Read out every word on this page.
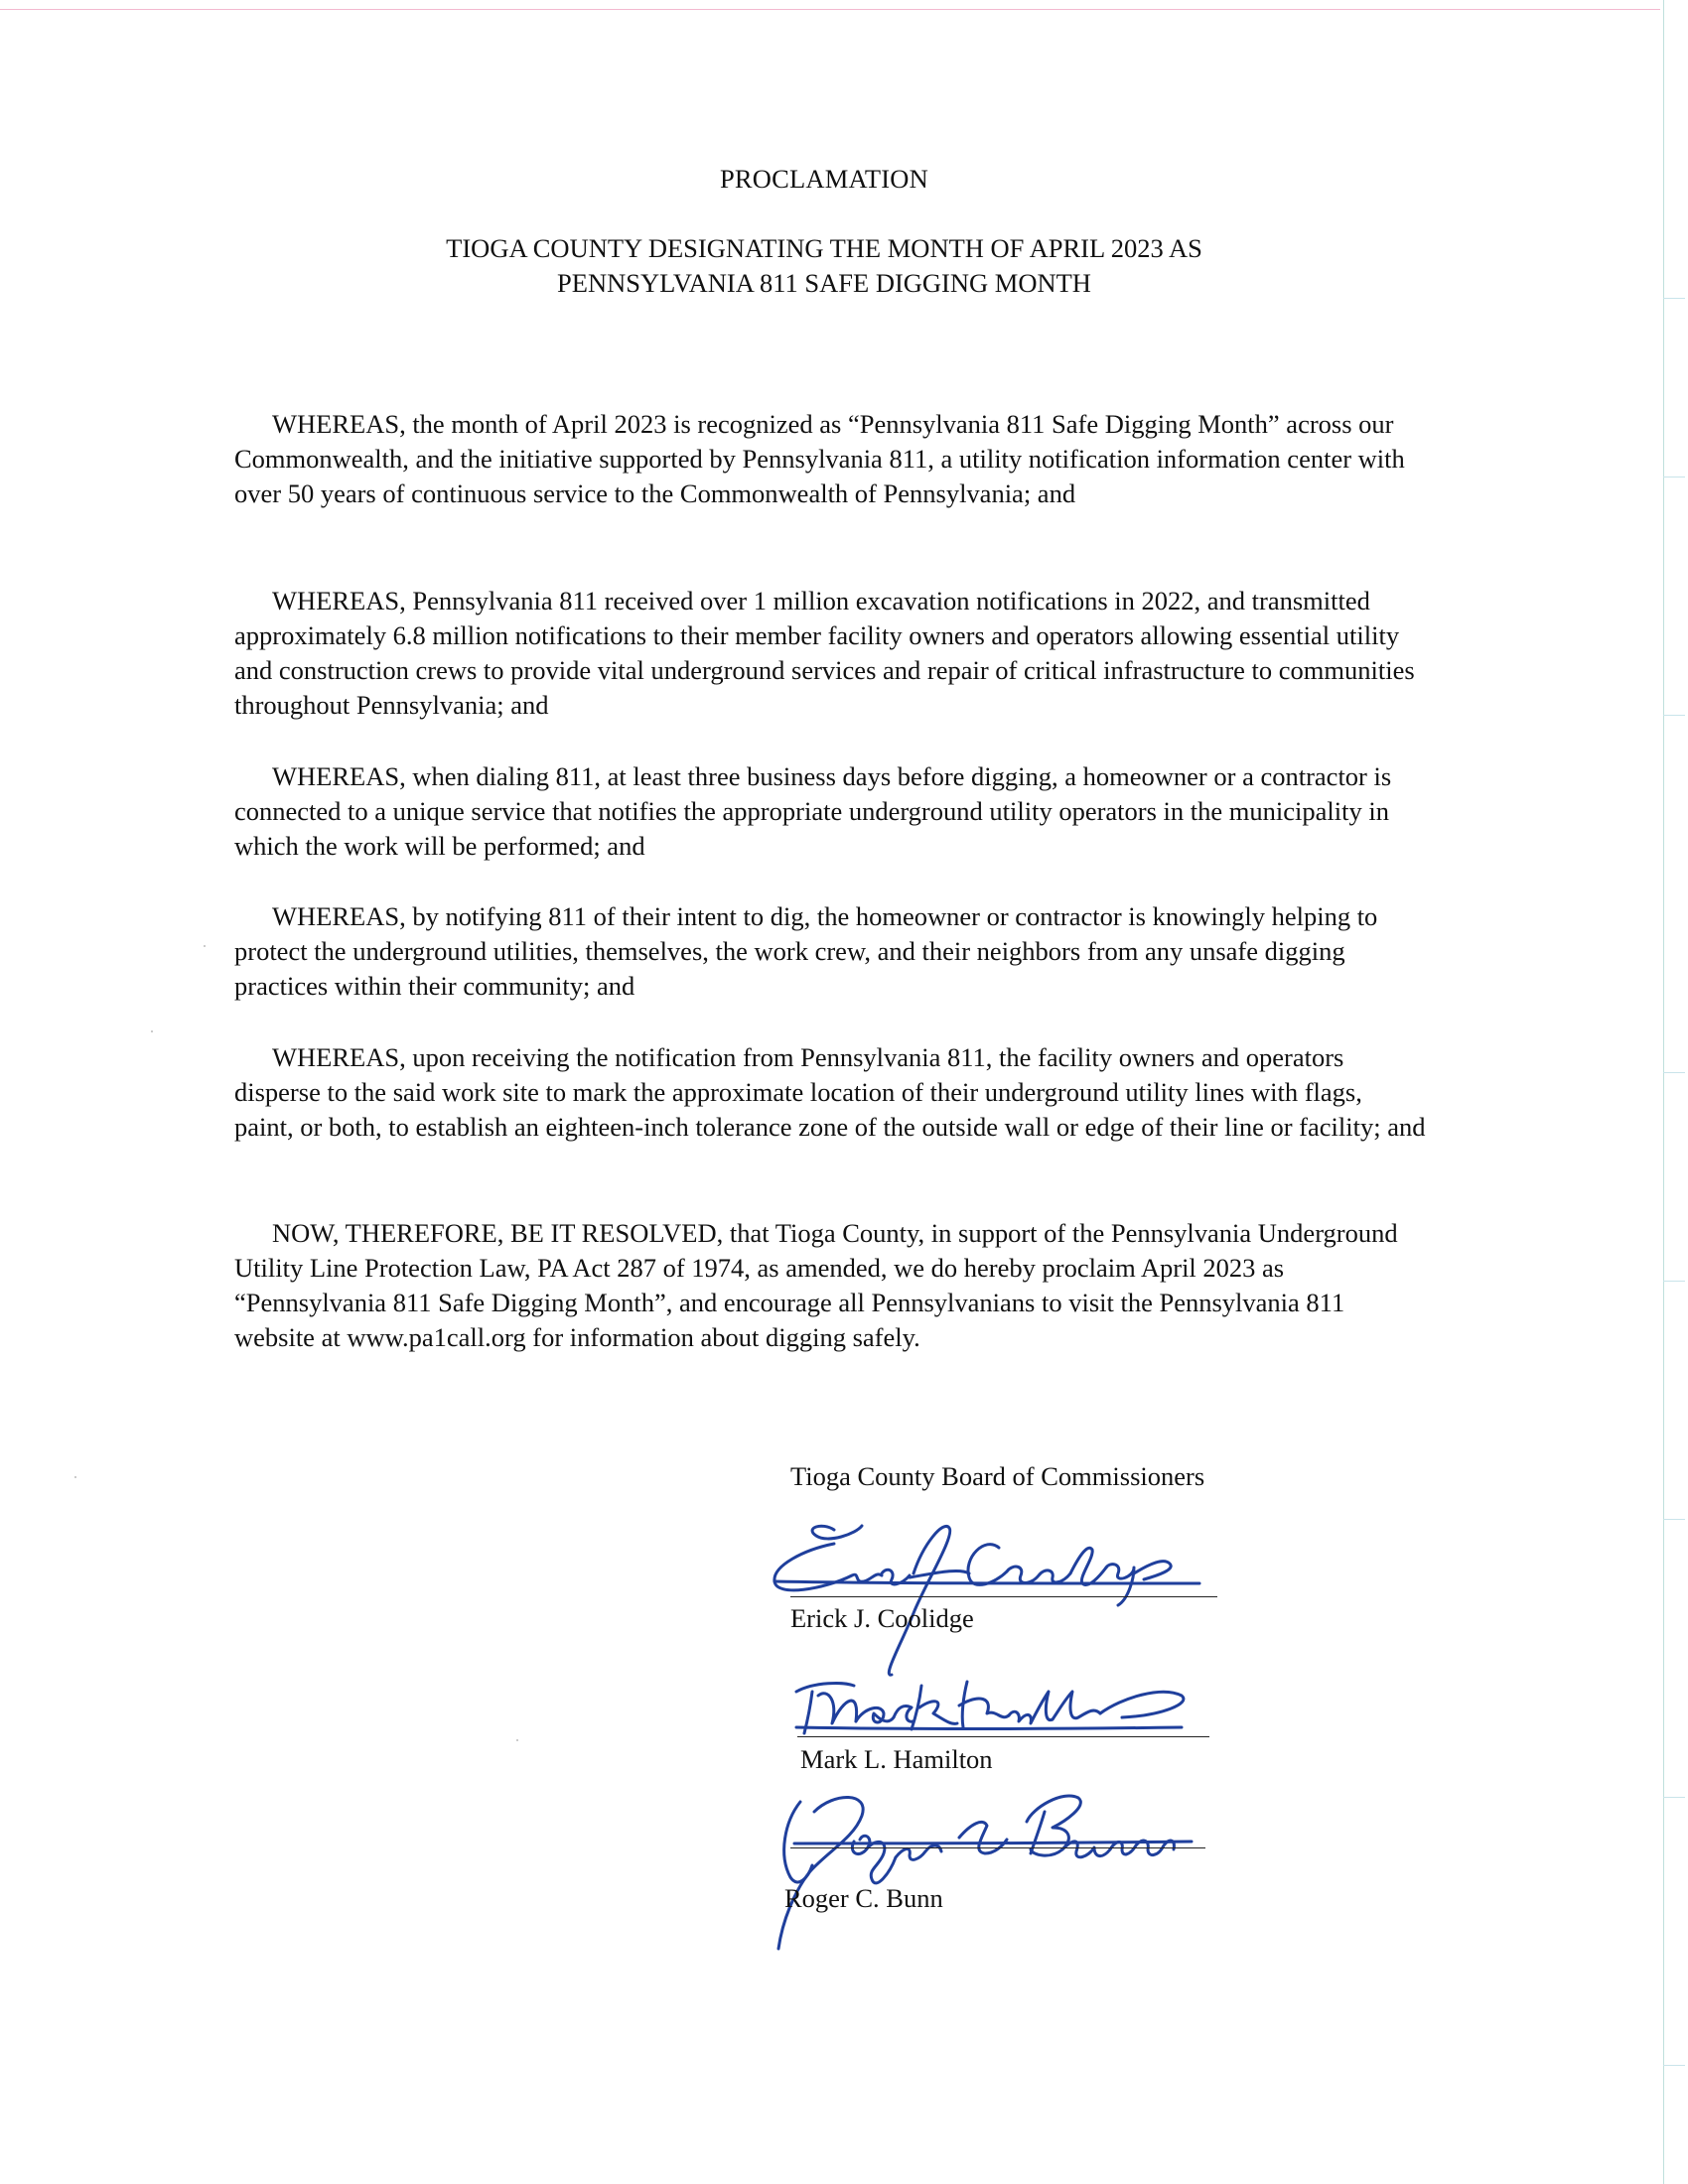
PROCLAMATION
TIOGA COUNTY DESIGNATING THE MONTH OF APRIL 2023 AS
PENNSYLVANIA 811 SAFE DIGGING MONTH

WHEREAS, the month of April 2023 is recognized as “Pennsylvania 811 Safe Digging Month” across our Commonwealth, and the initiative supported by Pennsylvania 811, a utility notification information center with over 50 years of continuous service to the Commonwealth of Pennsylvania; and

WHEREAS, Pennsylvania 811 received over 1 million excavation notifications in 2022, and transmitted approximately 6.8 million notifications to their member facility owners and operators allowing essential utility and construction crews to provide vital underground services and repair of critical infrastructure to communities throughout Pennsylvania; and

WHEREAS, when dialing 811, at least three business days before digging, a homeowner or a contractor is connected to a unique service that notifies the appropriate underground utility operators in the municipality in which the work will be performed; and

WHEREAS, by notifying 811 of their intent to dig, the homeowner or contractor is knowingly helping to protect the underground utilities, themselves, the work crew, and their neighbors from any unsafe digging practices within their community; and

WHEREAS, upon receiving the notification from Pennsylvania 811, the facility owners and operators disperse to the said work site to mark the approximate location of their underground utility lines with flags, paint, or both, to establish an eighteen-inch tolerance zone of the outside wall or edge of their line or facility; and

NOW, THEREFORE, BE IT RESOLVED, that Tioga County, in support of the Pennsylvania Underground Utility Line Protection Law, PA Act 287 of 1974, as amended, we do hereby proclaim April 2023 as “Pennsylvania 811 Safe Digging Month”, and encourage all Pennsylvanians to visit the Pennsylvania 811 website at www.pa1call.org for information about digging safely.

Tioga County Board of Commissioners
Erick J. Coolidge
Mark L. Hamilton
Roger C. Bunn
